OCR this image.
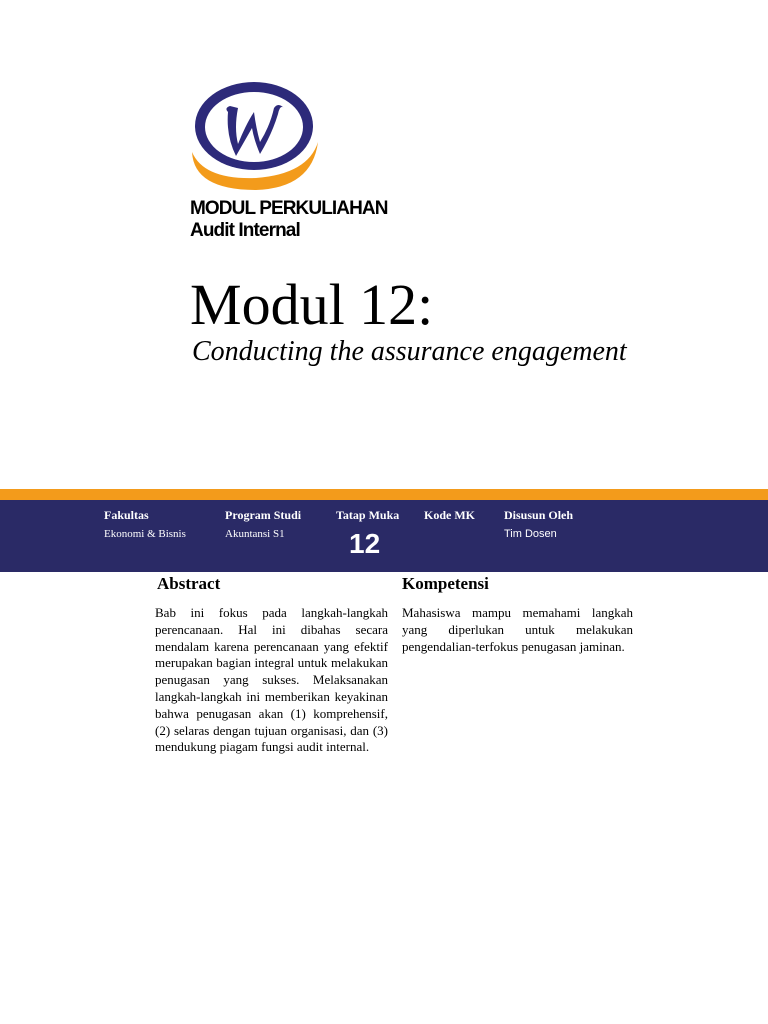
MODUL PERKULIAHAN
Audit Internal
Modul 12:
Conducting the assurance engagement
Fakultas
Ekonomi & Bisnis
Program Studi
Akuntansi S1
Tatap Muka
12
Kode MK Disusun Oleh
Tim Dosen
Abstract
Bab ini fokus pada langkah-langkah perencanaan. Hal ini dibahas secara mendalam karena perencanaan yang efektif merupakan bagian integral untuk melakukan penugasan yang sukses. Melaksanakan langkah-langkah ini memberikan keyakinan bahwa penugasan akan (1) komprehensif, (2) selaras dengan tujuan organisasi, dan (3) mendukung piagam fungsi audit internal.
Kompetensi
Mahasiswa mampu memahami langkah yang diperlukan untuk melakukan pengendalian-terfokus penugasan jaminan.
